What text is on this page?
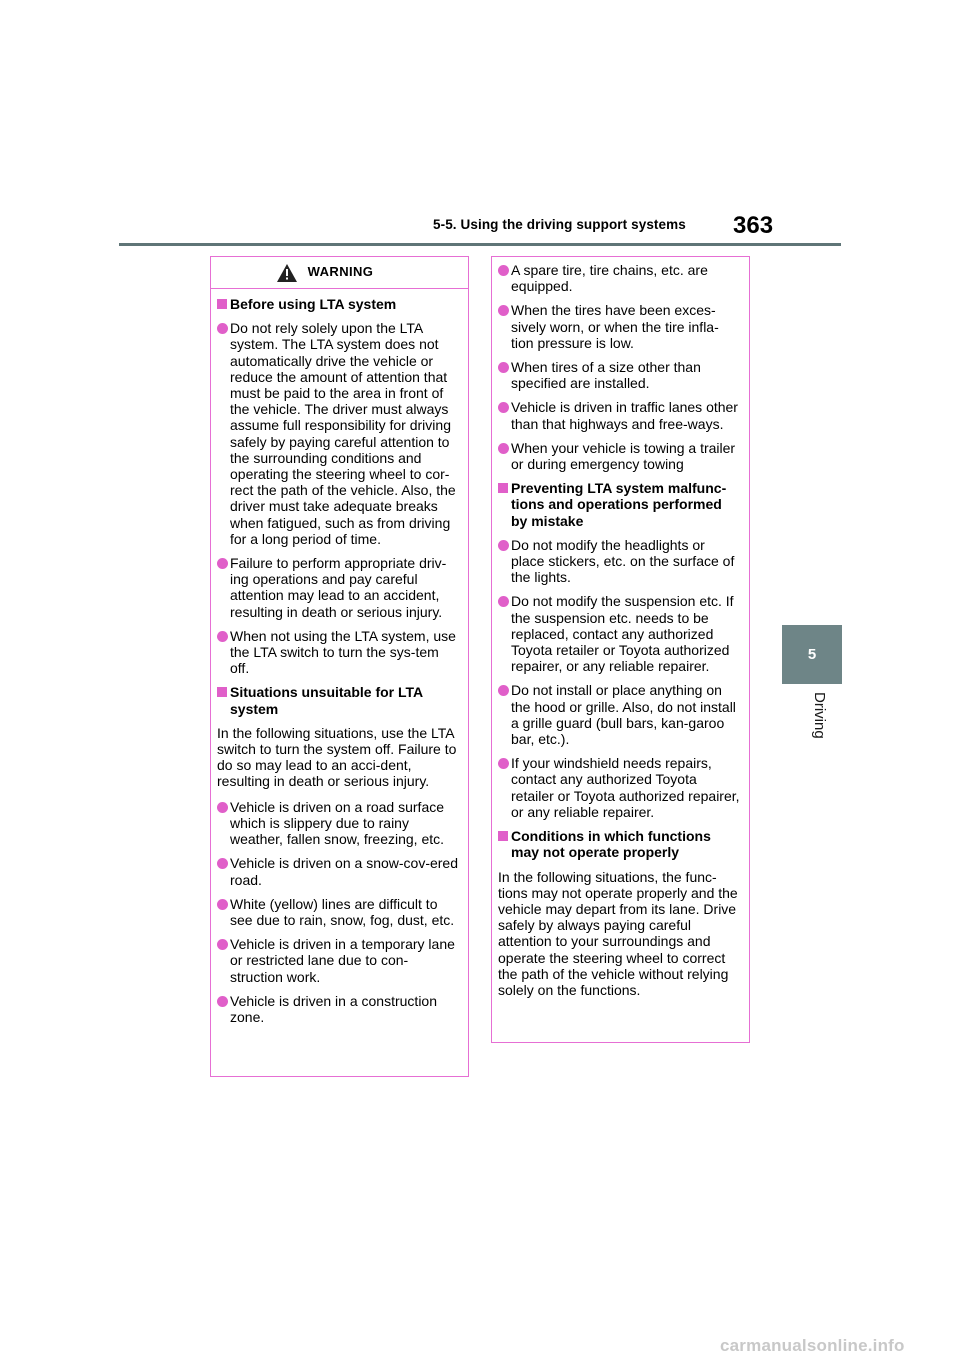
5-5. Using the driving support systems 363
5
Driving
WARNING
Before using LTA system
Do not rely solely upon the LTA system. The LTA system does not automatically drive the vehicle or reduce the amount of attention that must be paid to the area in front of the vehicle. The driver must always assume full responsibility for driving safely by paying careful attention to the surrounding conditions and operating the steering wheel to cor-rect the path of the vehicle. Also, the driver must take adequate breaks when fatigued, such as from driving for a long period of time.
Failure to perform appropriate driv-ing operations and pay careful attention may lead to an accident, resulting in death or serious injury.
When not using the LTA system, use the LTA switch to turn the sys-tem off.
Situations unsuitable for LTA system
In the following situations, use the LTA switch to turn the system off. Failure to do so may lead to an acci-dent, resulting in death or serious injury.
Vehicle is driven on a road surface which is slippery due to rainy weather, fallen snow, freezing, etc.
Vehicle is driven on a snow-cov-ered road.
White (yellow) lines are difficult to see due to rain, snow, fog, dust, etc.
Vehicle is driven in a temporary lane or restricted lane due to con-struction work.
Vehicle is driven in a construction zone.
A spare tire, tire chains, etc. are equipped.
When the tires have been exces-sively worn, or when the tire infla-tion pressure is low.
When tires of a size other than specified are installed.
Vehicle is driven in traffic lanes other than that highways and free-ways.
When your vehicle is towing a trailer or during emergency towing
Preventing LTA system malfunc-tions and operations performed by mistake
Do not modify the headlights or place stickers, etc. on the surface of the lights.
Do not modify the suspension etc. If the suspension etc. needs to be replaced, contact any authorized Toyota retailer or Toyota authorized repairer, or any reliable repairer.
Do not install or place anything on the hood or grille. Also, do not install a grille guard (bull bars, kan-garoo bar, etc.).
If your windshield needs repairs, contact any authorized Toyota retailer or Toyota authorized repairer, or any reliable repairer.
Conditions in which functions may not operate properly
In the following situations, the func-tions may not operate properly and the vehicle may depart from its lane. Drive safely by always paying careful attention to your surroundings and operate the steering wheel to correct the path of the vehicle without relying solely on the functions.
carmanualsonline.info
